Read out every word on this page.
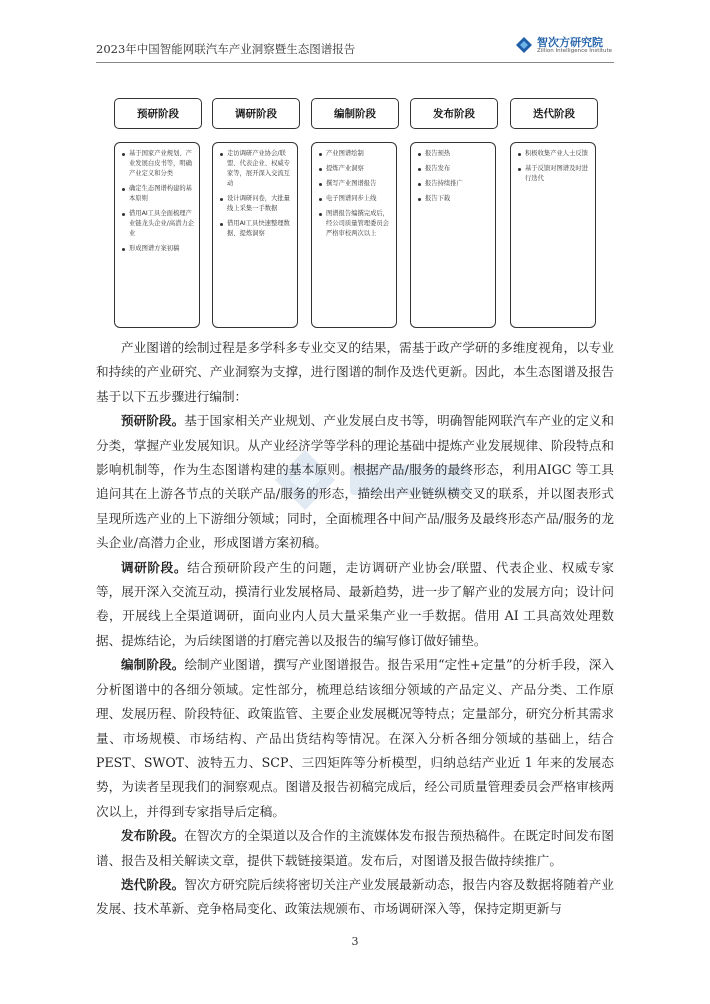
2023年中国智能网联汽车产业洞察暨生态图谱报告	智次方研究院
Zillion Intelligence Institute
预研阶段
基于国家产业规划、产业发展白皮书等，明确产业定义和分类
确定生态图谱构建的基本原则
借用AI工具全面梳理产业链龙头企业/高潜力企业
形成图谱方案初稿
调研阶段
走访调研产业协会/联盟、代表企业、权威专家等，展开深入交流互动
设计调研问卷，大批量线上采集一手数据
借用AI工具快速整理数据、提炼洞察
编制阶段
产业图谱绘制
提炼产业洞察
撰写产业图谱报告
电子图谱同步上线
图谱报告编撰完成后，经公司质量管理委员会严格审校两次以上
发布阶段
报告预热
报告发布
报告持续推广
报告下载
迭代阶段
积极收集产业人士反馈
基于反馈对图谱及时进行迭代

产业图谱的绘制过程是多学科多专业交叉的结果，需基于政产学研的多维度视角，以专业和持续的产业研究、产业洞察为支撑，进行图谱的制作及迭代更新。因此，本生态图谱及报告基于以下五步骤进行编制：

预研阶段。基于国家相关产业规划、产业发展白皮书等，明确智能网联汽车产业的定义和分类，掌握产业发展知识。从产业经济学等学科的理论基础中提炼产业发展规律、阶段特点和影响机制等，作为生态图谱构建的基本原则。根据产品/服务的最终形态，利用AIGC 等工具追问其在上游各节点的关联产品/服务的形态，描绘出产业链纵横交叉的联系，并以图表形式呈现所选产业的上下游细分领域；同时，全面梳理各中间产品/服务及最终形态产品/服务的龙头企业/高潜力企业，形成图谱方案初稿。

调研阶段。结合预研阶段产生的问题，走访调研产业协会/联盟、代表企业、权威专家等，展开深入交流互动，摸清行业发展格局、最新趋势，进一步了解产业的发展方向；设计问卷，开展线上全渠道调研，面向业内人员大量采集产业一手数据。借用 AI 工具高效处理数据、提炼结论，为后续图谱的打磨完善以及报告的编写修订做好铺垫。

编制阶段。绘制产业图谱，撰写产业图谱报告。报告采用“定性+定量”的分析手段，深入分析图谱中的各细分领域。定性部分，梳理总结该细分领域的产品定义、产品分类、工作原理、发展历程、阶段特征、政策监管、主要企业发展概况等特点；定量部分，研究分析其需求量、市场规模、市场结构、产品出货结构等情况。在深入分析各细分领域的基础上，结合 PEST、SWOT、波特五力、SCP、三四矩阵等分析模型，归纳总结产业近 1 年来的发展态势，为读者呈现我们的洞察观点。图谱及报告初稿完成后，经公司质量管理委员会严格审核两次以上，并得到专家指导后定稿。

发布阶段。在智次方的全渠道以及合作的主流媒体发布报告预热稿件。在既定时间发布图谱、报告及相关解读文章，提供下载链接渠道。发布后，对图谱及报告做持续推广。

迭代阶段。智次方研究院后续将密切关注产业发展最新动态，报告内容及数据将随着产业发展、技术革新、竞争格局变化、政策法规颁布、市场调研深入等，保持定期更新与

3
